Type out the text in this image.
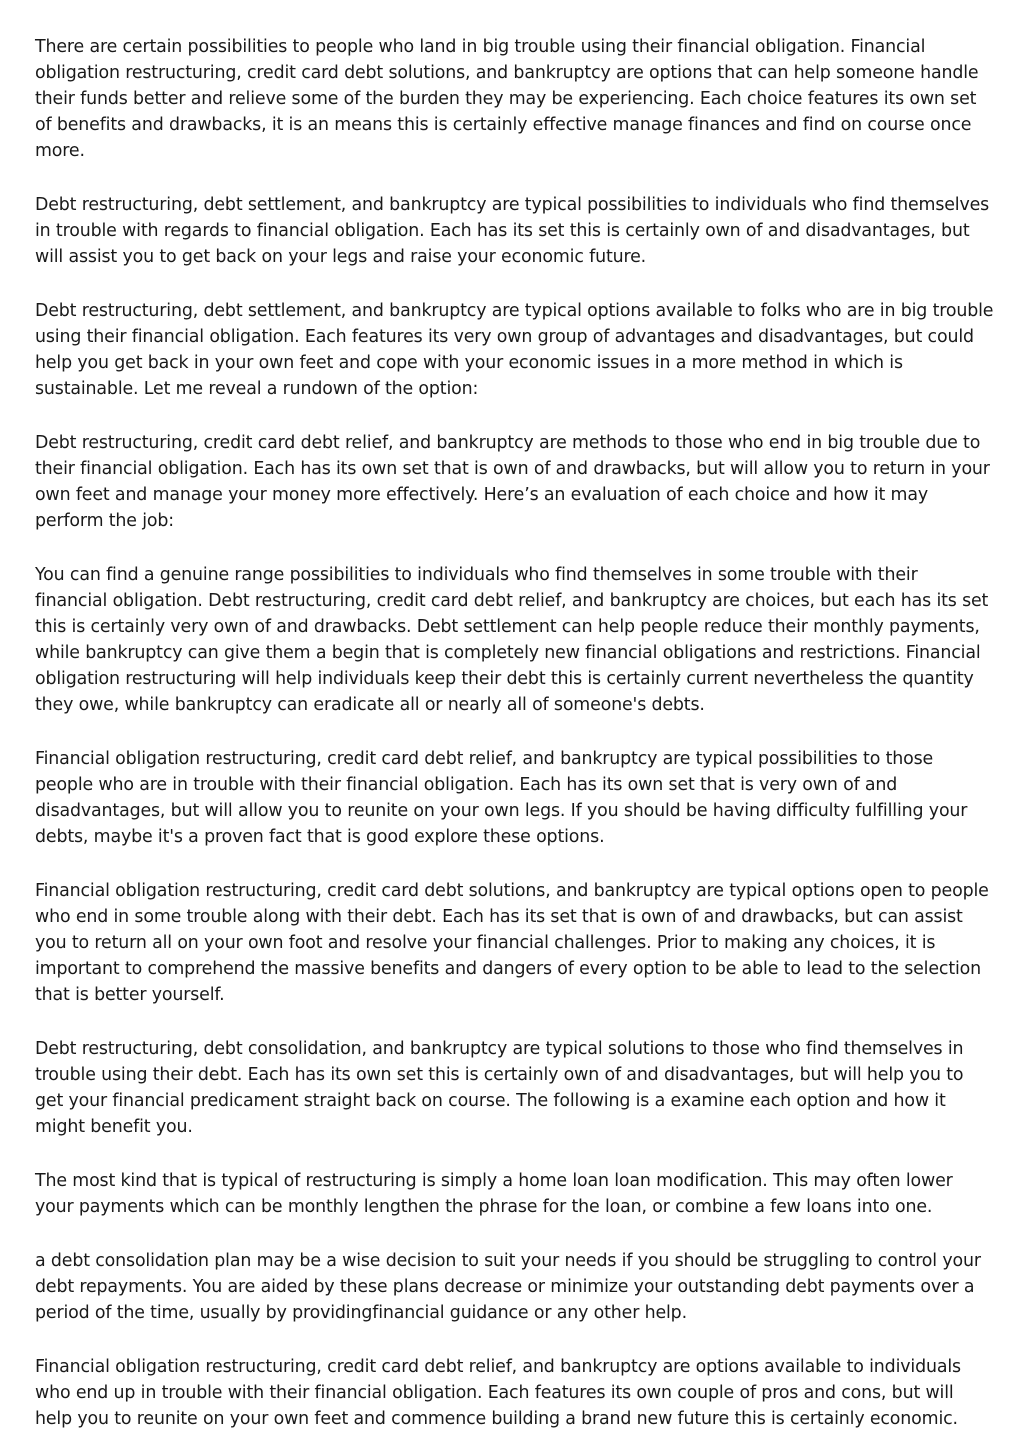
There are certain possibilities to people who land in big trouble using their financial obligation. Financial obligation restructuring, credit card debt solutions, and bankruptcy are options that can help someone handle their funds better and relieve some of the burden they may be experiencing. Each choice features its own set of benefits and drawbacks, it is an means this is certainly effective manage finances and find on course once more.

Debt restructuring, debt settlement, and bankruptcy are typical possibilities to individuals who find themselves in trouble with regards to financial obligation. Each has its set this is certainly own of and disadvantages, but will assist you to get back on your legs and raise your economic future.

Debt restructuring, debt settlement, and bankruptcy are typical options available to folks who are in big trouble using their financial obligation. Each features its very own group of advantages and disadvantages, but could help you get back in your own feet and cope with your economic issues in a more method in which is sustainable. Let me reveal a rundown of the option:

Debt restructuring, credit card debt relief, and bankruptcy are methods to those who end in big trouble due to their financial obligation. Each has its own set that is own of and drawbacks, but will allow you to return in your own feet and manage your money more effectively. Here’s an evaluation of each choice and how it may perform the job:

You can find a genuine range possibilities to individuals who find themselves in some trouble with their financial obligation. Debt restructuring, credit card debt relief, and bankruptcy are choices, but each has its set this is certainly very own of and drawbacks. Debt settlement can help people reduce their monthly payments, while bankruptcy can give them a begin that is completely new financial obligations and restrictions. Financial obligation restructuring will help individuals keep their debt this is certainly current nevertheless the quantity they owe, while bankruptcy can eradicate all or nearly all of someone's debts.

Financial obligation restructuring, credit card debt relief, and bankruptcy are typical possibilities to those people who are in trouble with their financial obligation. Each has its own set that is very own of and disadvantages, but will allow you to reunite on your own legs. If you should be having difficulty fulfilling your debts, maybe it's a proven fact that is good explore these options.

Financial obligation restructuring, credit card debt solutions, and bankruptcy are typical options open to people who end in some trouble along with their debt. Each has its set that is own of and drawbacks, but can assist you to return all on your own foot and resolve your financial challenges. Prior to making any choices, it is important to comprehend the massive benefits and dangers of every option to be able to lead to the selection that is better yourself.

Debt restructuring, debt consolidation, and bankruptcy are typical solutions to those who find themselves in trouble using their debt. Each has its own set this is certainly own of and disadvantages, but will help you to get your financial predicament straight back on course. The following is a examine each option and how it might benefit you.

The most kind that is typical of restructuring is simply a home loan loan modification. This may often lower your payments which can be monthly lengthen the phrase for the loan, or combine a few loans into one.

a debt consolidation plan may be a wise decision to suit your needs if you should be struggling to control your debt repayments. You are aided by these plans decrease or minimize your outstanding debt payments over a period of the time, usually by providingfinancial guidance or any other help.

Financial obligation restructuring, credit card debt relief, and bankruptcy are options available to individuals who end up in trouble with their financial obligation. Each features its own couple of pros and cons, but will help you to reunite on your own feet and commence building a brand new future this is certainly economic.
